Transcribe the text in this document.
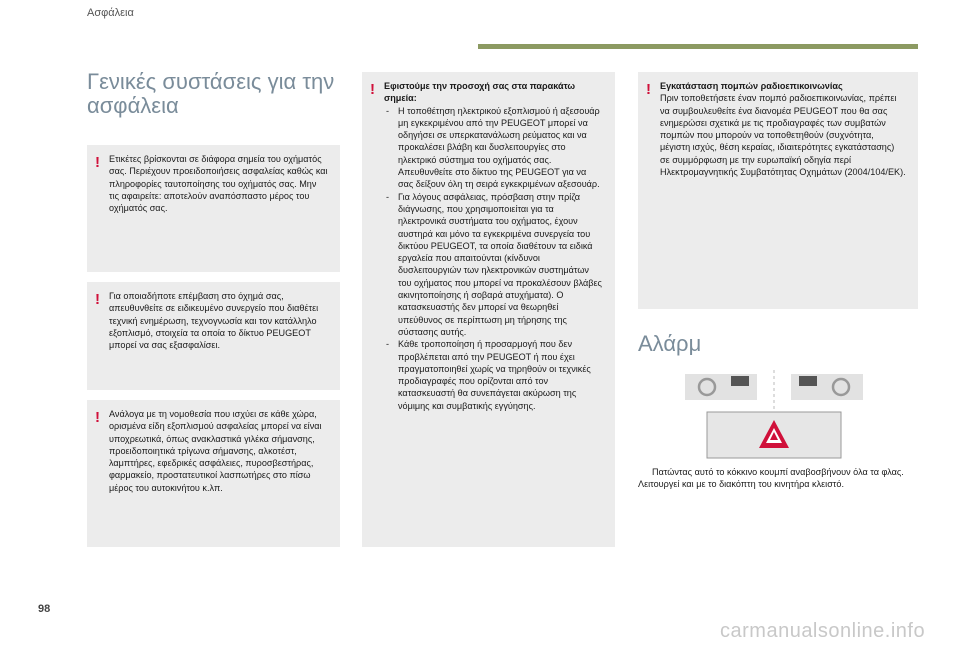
Ασφάλεια
Γενικές συστάσεις για την ασφάλεια
! Ετικέτες βρίσκονται σε διάφορα σημεία του οχήματός σας. Περιέχουν προειδοποιήσεις ασφαλείας καθώς και πληροφορίες ταυτοποίησης του οχήματός σας. Μην τις αφαιρείτε: αποτελούν αναπόσπαστο μέρος του οχήματός σας.

! Για οποιαδήποτε επέμβαση στο όχημά σας, απευθυνθείτε σε ειδικευμένο συνεργείο που διαθέτει τεχνική ενημέρωση, τεχνογνωσία και τον κατάλληλο εξοπλισμό, στοιχεία τα οποία το δίκτυο PEUGEOT μπορεί να σας εξασφαλίσει.

! Ανάλογα με τη νομοθεσία που ισχύει σε κάθε χώρα, ορισμένα είδη εξοπλισμού ασφαλείας μπορεί να είναι υποχρεωτικά, όπως ανακλαστικά γιλέκα σήμανσης, προειδοποιητικά τρίγωνα σήμανσης, αλκοτέστ, λαμπτήρες, εφεδρικές ασφάλειες, πυροσβεστήρας, φαρμακείο, προστατευτικοί λασπωτήρες στο πίσω μέρος του αυτοκινήτου κ.λπ.

! Εφιστούμε την προσοχή σας στα παρακάτω σημεία:

- Η τοποθέτηση ηλεκτρικού εξοπλισμού ή αξεσουάρ μη εγκεκριμένου από την PEUGEOT μπορεί να οδηγήσει σε υπερκατανάλωση ρεύματος και να προκαλέσει βλάβη και δυσλειτουργίες στο ηλεκτρικό σύστημα του οχήματός σας. Απευθυνθείτε στο δίκτυο της PEUGEOT για να σας δείξουν όλη τη σειρά εγκεκριμένων αξεσουάρ.
- Για λόγους ασφάλειας, πρόσβαση στην πρίζα διάγνωσης, που χρησιμοποιείται για τα ηλεκτρονικά συστήματα του οχήματος, έχουν αυστηρά και μόνο τα εγκεκριμένα συνεργεία του δικτύου PEUGEOT, τα οποία διαθέτουν τα ειδικά εργαλεία που απαιτούνται (κίνδυνοι δυσλειτουργιών των ηλεκτρονικών συστημάτων του οχήματος που μπορεί να προκαλέσουν βλάβες ακινητοποίησης ή σοβαρά ατυχήματα). Ο κατασκευαστής δεν μπορεί να θεωρηθεί υπεύθυνος σε περίπτωση μη τήρησης της σύστασης αυτής.
- Κάθε τροποποίηση ή προσαρμογή που δεν προβλέπεται από την PEUGEOT ή που έχει πραγματοποιηθεί χωρίς να τηρηθούν οι τεχνικές προδιαγραφές που ορίζονται από τον κατασκευαστή θα συνεπάγεται ακύρωση της νόμιμης και συμβατικής εγγύησης.
! Εγκατάσταση πομπών ραδιοεπικοινωνίας

Πριν τοποθετήσετε έναν πομπό ραδιοεπικοινωνίας, πρέπει να συμβουλευθείτε ένα διανομέα PEUGEOT που θα σας ενημερώσει σχετικά με τις προδιαγραφές των συμβατών πομπών που μπορούν να τοποθετηθούν (συχνότητα, μέγιστη ισχύς, θέση κεραίας, ιδιαιτερότητες εγκατάστασης) σε συμμόρφωση με την ευρωπαϊκή οδηγία περί Ηλεκτρομαγνητικής Συμβατότητας Οχημάτων (2004/104/ΕΚ).

Αλάρμ
Πατώντας αυτό το κόκκινο κουμπί αναβοσβήνουν όλα τα φλας.
Λειτουργεί και με το διακόπτη του κινητήρα κλειστό.
98
carmanualsonline.info
